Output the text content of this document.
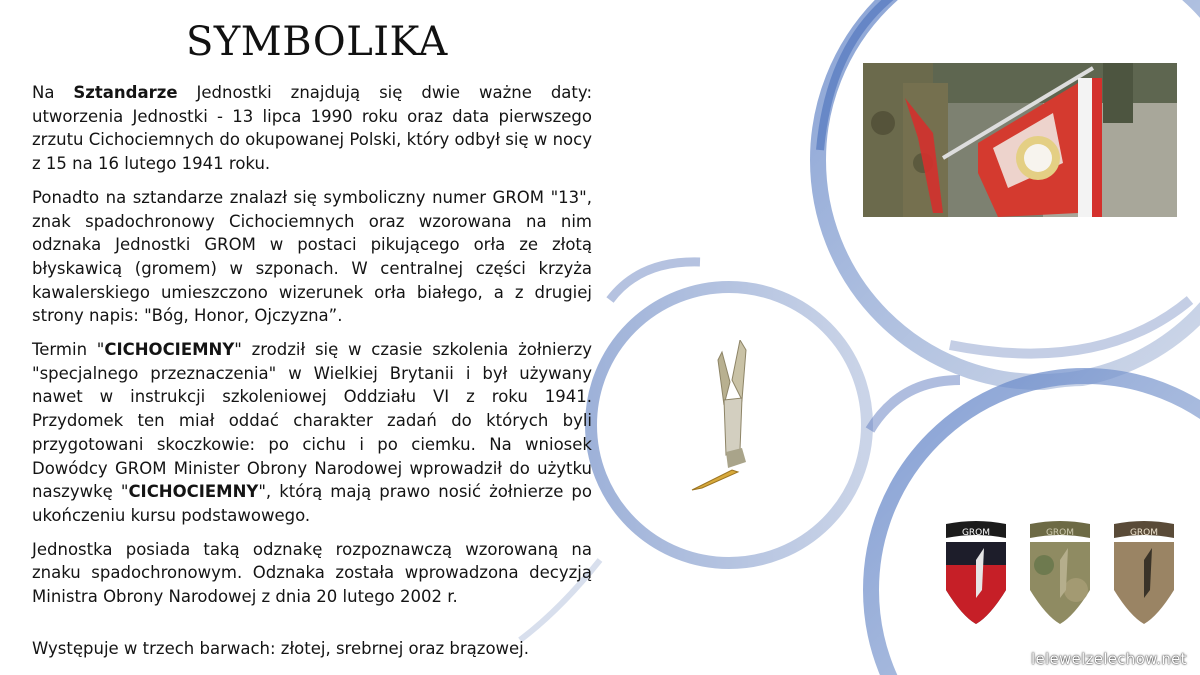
SYMBOLIKA

Na Sztandarze Jednostki znajdują się dwie ważne daty: utworzenia Jednostki - 13 lipca 1990 roku oraz data pierwszego zrzutu Cichociemnych do okupowanej Polski, który odbył się w nocy z 15 na 16 lutego 1941 roku.

Ponadto na sztandarze znalazł się symboliczny numer GROM "13", znak spadochronowy Cichociemnych oraz wzorowana na nim odznaka Jednostki GROM w postaci pikującego orła ze złotą błyskawicą (gromem) w szponach. W centralnej części krzyża kawalerskiego umieszczono wizerunek orła białego, a z drugiej strony napis: "Bóg, Honor, Ojczyzna”.

Termin "CICHOCIEMNY" zrodził się w czasie szkolenia żołnierzy "specjalnego przeznaczenia" w Wielkiej Brytanii i był używany nawet w instrukcji szkoleniowej Oddziału VI z roku 1941. Przydomek ten miał oddać charakter zadań do których byli przygotowani skoczkowie: po cichu i po ciemku. Na wniosek Dowódcy GROM Minister Obrony Narodowej wprowadził do użytku naszywkę "CICHOCIEMNY", którą mają prawo nosić żołnierze po ukończeniu kursu podstawowego.

Jednostka posiada taką odznakę rozpoznawczą wzorowaną na znaku spadochronowym. Odznaka została wprowadzona decyzją Ministra Obrony Narodowej z dnia 20 lutego 2002 r.

Występuje w trzech barwach: złotej, srebrnej oraz brązowej.

GROM	GROM	GROM
lelewelzelechow.net
